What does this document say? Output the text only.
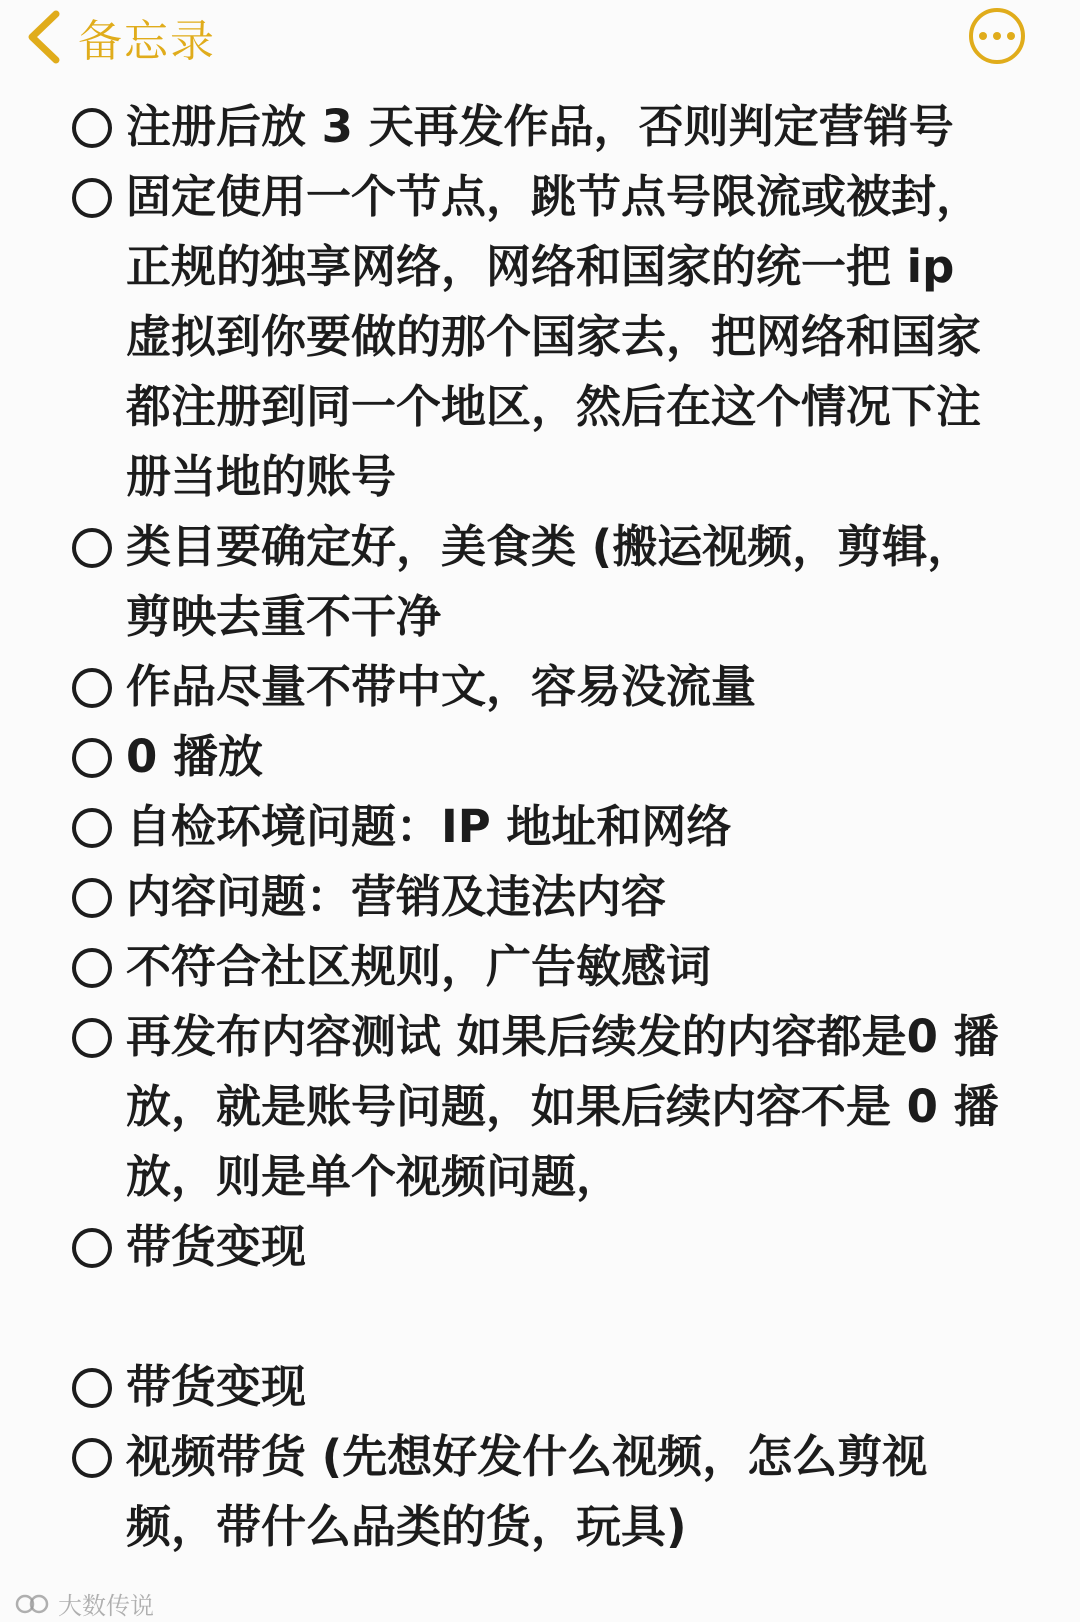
备忘录
注册后放 3 天再发作品，否则判定营销号
固定使用一个节点，跳节点号限流或被封，正规的独享网络，网络和国家的统一把 ip 虚拟到你要做的那个国家去，把网络和国家都注册到同一个地区，然后在这个情况下注册当地的账号
类目要确定好，美食类 (搬运视频，剪辑，剪映去重不干净
作品尽量不带中文，容易没流量
0 播放
自检环境问题：IP 地址和网络
内容问题：营销及违法内容
不符合社区规则，广告敏感词
再发布内容测试 如果后续发的内容都是0 播放，就是账号问题，如果后续内容不是 0 播放，则是单个视频问题，
带货变现
带货变现
视频带货 (先想好发什么视频，怎么剪视频，带什么品类的货，玩具)
大数传说
